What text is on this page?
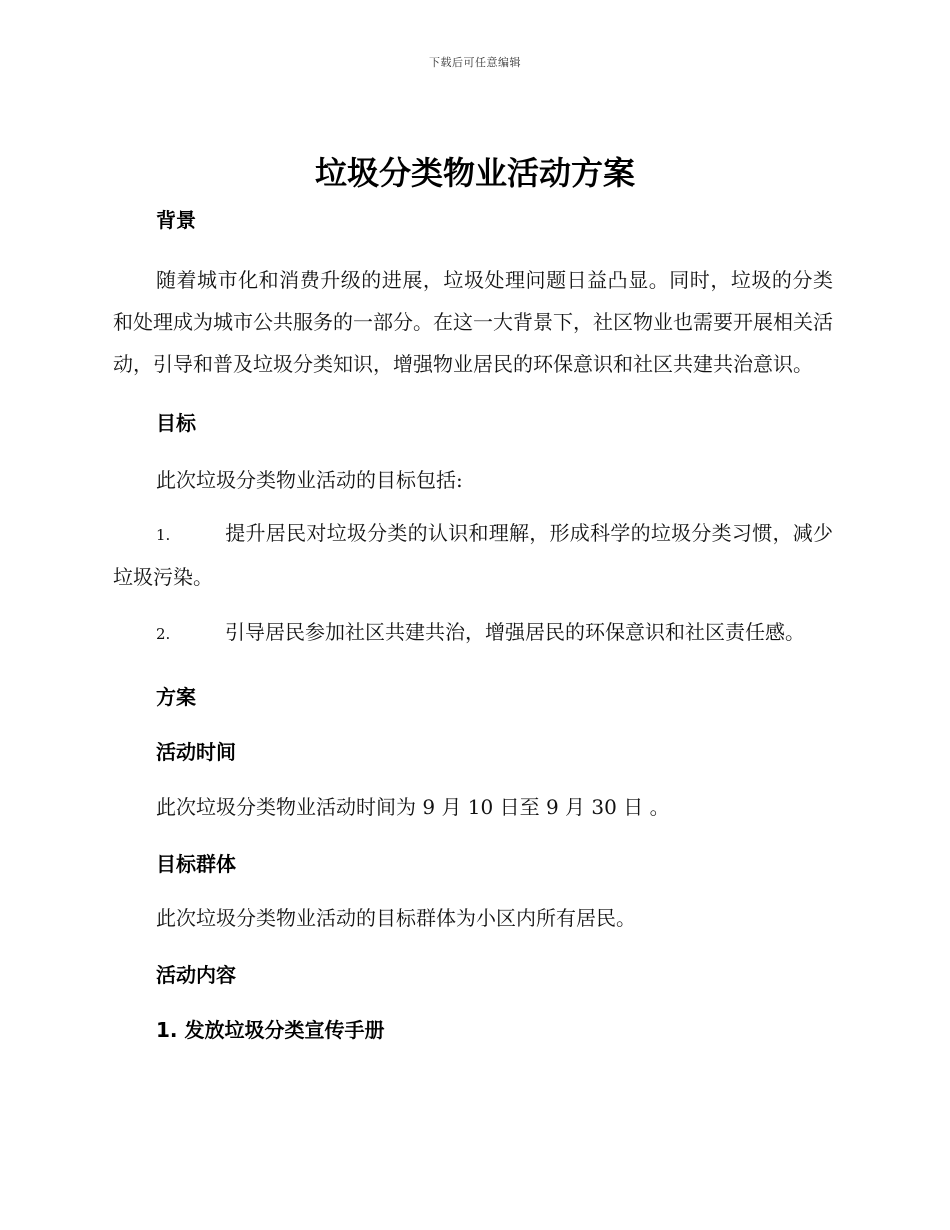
下载后可任意编辑
垃圾分类物业活动方案
背景
随着城市化和消费升级的进展，垃圾处理问题日益凸显。同时，垃圾的分类和处理成为城市公共服务的一部分。在这一大背景下，社区物业也需要开展相关活动，引导和普及垃圾分类知识，增强物业居民的环保意识和社区共建共治意识。
目标
此次垃圾分类物业活动的目标包括:
1.	提升居民对垃圾分类的认识和理解，形成科学的垃圾分类习惯，减少垃圾污染。
2.	引导居民参加社区共建共治，增强居民的环保意识和社区责任感。
方案
活动时间
此次垃圾分类物业活动时间为 9 月 10 日至 9 月 30 日 。
目标群体
此次垃圾分类物业活动的目标群体为小区内所有居民。
活动内容
1. 发放垃圾分类宣传手册
